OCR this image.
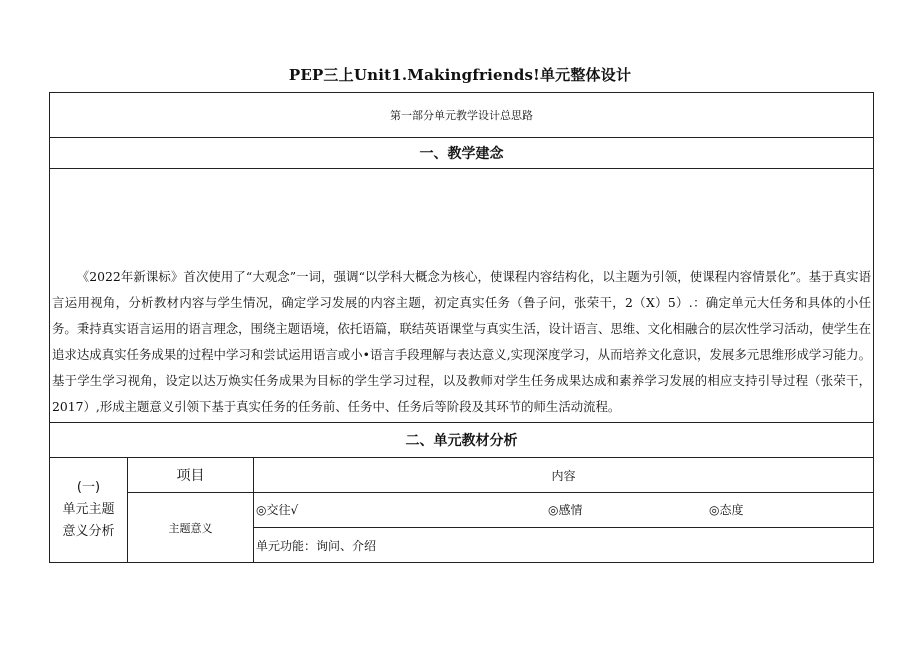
PEP三上Unit1.Makingfriends!单元整体设计
第一部分单元教学设计总思路		
一、教学建念		

《2022年新课标》首次使用了“大观念”一词，强调“以学科大概念为核心，使课程内容结构化，以主题为引领，使课程内容情景化”。基于真实语言运用视角，分析教材内容与学生情况，确定学习发展的内容主题，初定真实任务（鲁子问，张荣干，2（X）5）.：确定单元大任务和具体的小任务。秉持真实语言运用的语言理念，围绕主题语境，依托语篇，联结英语课堂与真实生活，设计语言、思维、文化相融合的层次性学习活动，使学生在追求达成真实任务成果的过程中学习和尝试运用语言或小•语言手段理解与表达意义,实现深度学习，从而培养文化意识，发展多元思维形成学习能力。基于学生学习视角，设定以达万焕实任务成果为目标的学生学习过程，以及教师对学生任务成果达成和素养学习发展的相应支持引导过程（张荣干，2017）,形成主题意义引领下基于真实任务的任务前、任务中、任务后等阶段及其环节的师生活动流程。		

二、单元教材分析		

(一)
单元主题
意义分析	项目	内容
	主题意义	◎交往√ ◎感情 ◎态度

		单元功能：询问、介绍
